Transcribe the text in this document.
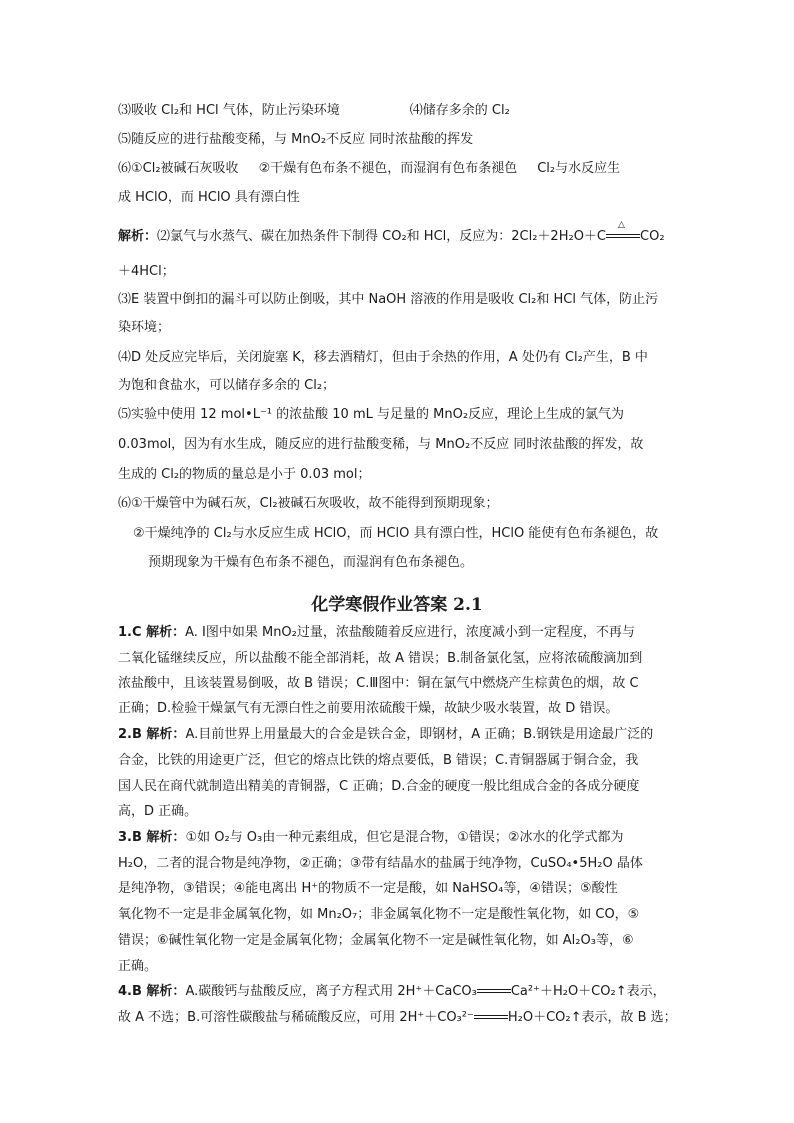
⑶吸收 Cl₂和 HCl 气体，防止污染环境	⑷储存多余的 Cl₂
⑸随反应的进行盐酸变稀，与 MnO₂不反应 同时浓盐酸的挥发
⑹①Cl₂被碱石灰吸收 ②干燥有色布条不褪色，而湿润有色布条褪色 Cl₂与水反应生
成 HClO，而 HClO 具有漂白性
解析：⑵氯气与水蒸气、碳在加热条件下制得 CO₂和 HCl，反应为：2Cl₂＋2H₂O＋C
△
CO₂
＋4HCl；
⑶E 装置中倒扣的漏斗可以防止倒吸，其中 NaOH 溶液的作用是吸收 Cl₂和 HCl 气体，防止污
染环境；
⑷D 处反应完毕后，关闭旋塞 K，移去酒精灯，但由于余热的作用，A 处仍有 Cl₂产生，B 中
为饱和食盐水，可以储存多余的 Cl₂；
⑸实验中使用 12 mol•L⁻¹ 的浓盐酸 10 mL 与足量的 MnO₂反应，理论上生成的氯气为
0.03mol，因为有水生成，随反应的进行盐酸变稀，与 MnO₂不反应 同时浓盐酸的挥发，故
生成的 Cl₂的物质的量总是小于 0.03 mol；
⑹①干燥管中为碱石灰，Cl₂被碱石灰吸收，故不能得到预期现象；
②干燥纯净的 Cl₂与水反应生成 HClO，而 HClO 具有漂白性，HClO 能使有色布条褪色，故
预期现象为干燥有色布条不褪色，而湿润有色布条褪色。
化学寒假作业答案 2.1
1.C 解析：A. Ⅰ图中如果 MnO₂过量，浓盐酸随着反应进行，浓度减小到一定程度，不再与
二氧化锰继续反应，所以盐酸不能全部消耗，故 A 错误；B.制备氯化氢，应将浓硫酸滴加到
浓盐酸中，且该装置易倒吸，故 B 错误；C.Ⅲ图中：铜在氯气中燃烧产生棕黄色的烟，故 C
正确；D.检验干燥氯气有无漂白性之前要用浓硫酸干燥，故缺少吸水装置，故 D 错误。
2.B 解析：A.目前世界上用量最大的合金是铁合金，即钢材，A 正确；B.钢铁是用途最广泛的
合金，比铁的用途更广泛，但它的熔点比铁的熔点要低，B 错误；C.青铜器属于铜合金，我
国人民在商代就制造出精美的青铜器，C 正确；D.合金的硬度一般比组成合金的各成分硬度
高，D 正确。
3.B 解析：①如 O₂与 O₃由一种元素组成，但它是混合物，①错误；②冰水的化学式都为
H₂O，二者的混合物是纯净物，②正确；③带有结晶水的盐属于纯净物，CuSO₄•5H₂O 晶体
是纯净物，③错误；④能电离出 H⁺的物质不一定是酸，如 NaHSO₄等，④错误；⑤酸性
氧化物不一定是非金属氧化物，如 Mn₂O₇；非金属氧化物不一定是酸性氧化物，如 CO，⑤
错误；⑥碱性氧化物一定是金属氧化物；金属氧化物不一定是碱性氧化物，如 Al₂O₃等，⑥
正确。
4.B 解析：A.碳酸钙与盐酸反应，离子方程式用 2H⁺＋CaCO₃	Ca²⁺＋H₂O＋CO₂↑表示，
故 A 不选；B.可溶性碳酸盐与稀硫酸反应，可用 2H⁺＋CO₃²⁻	H₂O＋CO₂↑表示，故 B 选；
